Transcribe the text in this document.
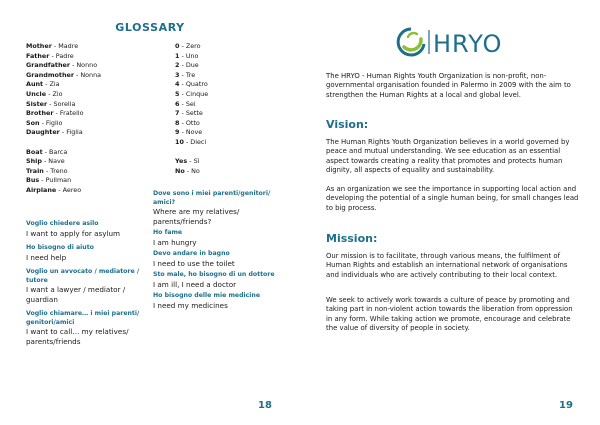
GLOSSARY
Mother - Madre
Father - Padre
Grandfather - Nonno
Grandmother - Nonna
Aunt - Zia
Uncle - Zio
Sister - Sorella
Brother - Fratello
Son - Figlio
Daughter - Figlia
Boat - Barca
Ship - Nave
Train - Treno
Bus - Pullman
Airplane - Aereo
0 - Zero
1 - Uno
2 - Due
3 - Tre
4 - Quatro
5 - Cinque
6 - Sei
7 - Sette
8 - Otto
9 - Nove
10 - Dieci
Yes - Sì
No - No
Voglio chiedere asilo
I want to apply for asylum
Ho bisogno di aiuto
I need help
Voglio un avvocato / mediatore / tutore
I want a lawyer / mediator / guardian
Voglio chiamare… i miei parenti/ genitori/amici
I want to call… my relatives/ parents/friends
Dove sono i miei parenti/genitori/ amici?
Where are my relatives/ parents/friends?
Ho fame
I am hungry
Devo andare in bagno
I need to use the toilet
Sto male, ho bisogno di un dottore
I am ill, I need a doctor
Ho bisogno delle mie medicine
I need my medicines
18
HRYO
The HRYO - Human Rights Youth Organization is non-profit, non-governmental organisation founded in Palermo in 2009 with the aim to strengthen the Human Rights at a local and global level.
Vision:
The Human Rights Youth Organization believes in a world governed by peace and mutual understanding. We see education as an essential aspect towards creating a reality that promotes and protects human dignity, all aspects of equality and sustainability.
As an organization we see the importance in supporting local action and developing the potential of a single human being, for small changes lead to big process.
Mission:
Our mission is to facilitate, through various means, the fulfilment of Human Rights and establish an international network of organisations and individuals who are actively contributing to their local context.
We seek to actively work towards a culture of peace by promoting and taking part in non-violent action towards the liberation from oppression in any form. While taking action we promote, encourage and celebrate the value of diversity of people in society.
19
